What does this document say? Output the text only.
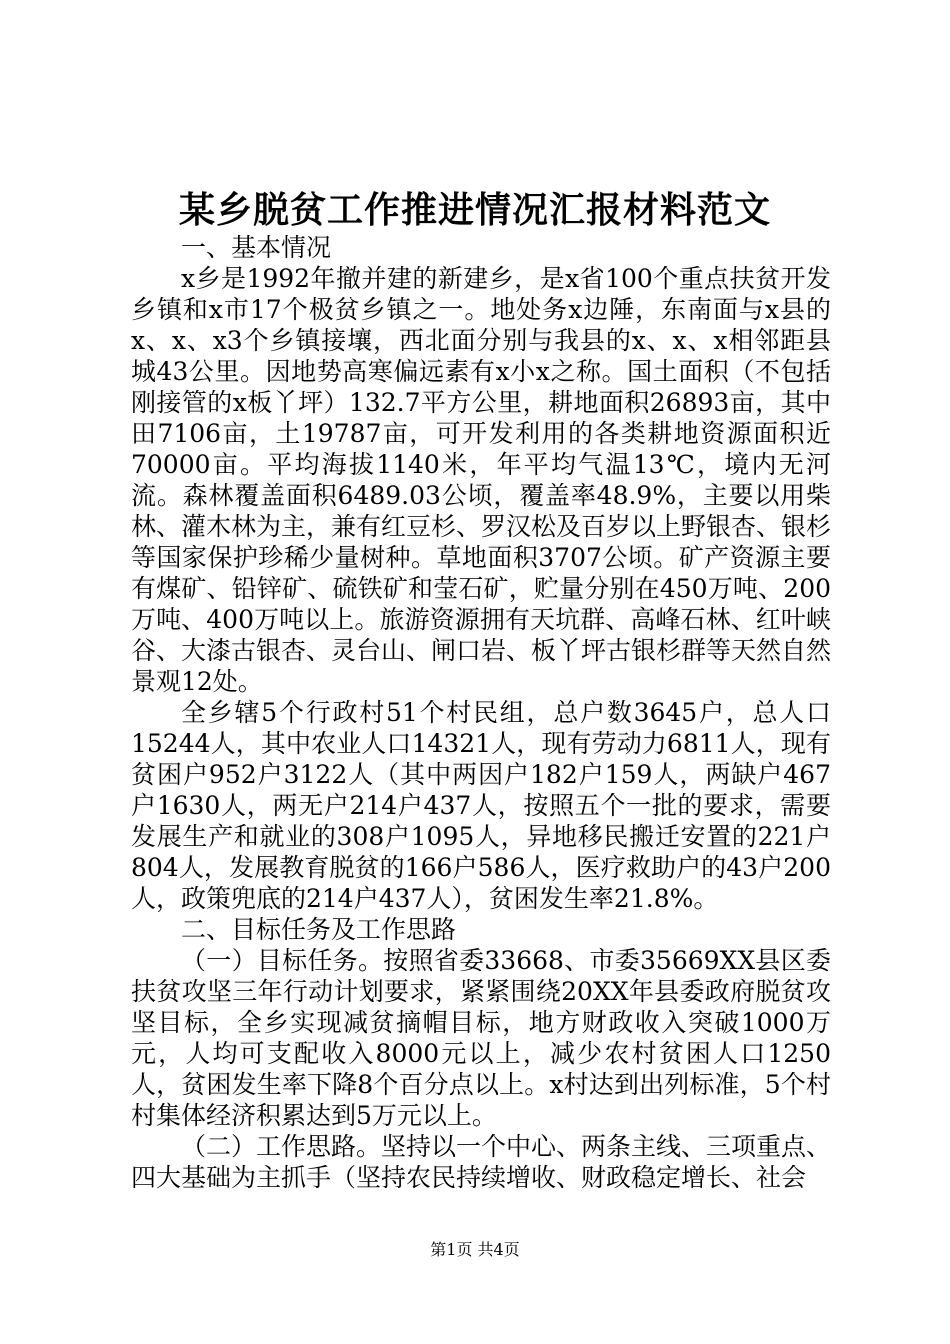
某乡脱贫工作推进情况汇报材料范文

一、基本情况

x乡是1992年撤并建的新建乡，是x省100个重点扶贫开发乡镇和x市17个极贫乡镇之一。地处务x边陲，东南面与x县的x、x、x3个乡镇接壤，西北面分别与我县的x、x、x相邻距县城43公里。因地势高寒偏远素有x小x之称。国土面积（不包括刚接管的x板丫坪）132.7平方公里，耕地面积26893亩，其中田7106亩，土19787亩，可开发利用的各类耕地资源面积近70000亩。平均海拔1140米，年平均气温13℃，境内无河流。森林覆盖面积6489.03公顷，覆盖率48.9%，主要以用柴林、灌木林为主，兼有红豆杉、罗汉松及百岁以上野银杏、银杉等国家保护珍稀少量树种。草地面积3707公顷。矿产资源主要有煤矿、铅锌矿、硫铁矿和莹石矿，贮量分别在450万吨、200万吨、400万吨以上。旅游资源拥有天坑群、高峰石林、红叶峡谷、大漆古银杏、灵台山、闸口岩、板丫坪古银杉群等天然自然景观12处。

全乡辖5个行政村51个村民组，总户数3645户，总人口15244人，其中农业人口14321人，现有劳动力6811人，现有贫困户952户3122人（其中两因户182户159人，两缺户467户1630人，两无户214户437人，按照五个一批的要求，需要发展生产和就业的308户1095人，异地移民搬迁安置的221户804人，发展教育脱贫的166户586人，医疗救助户的43户200人，政策兜底的214户437人），贫困发生率21.8%。

二、目标任务及工作思路

（一）目标任务。按照省委33668、市委35669XX县区委扶贫攻坚三年行动计划要求，紧紧围绕20XX年县委政府脱贫攻坚目标，全乡实现减贫摘帽目标，地方财政收入突破1000万元，人均可支配收入8000元以上，减少农村贫困人口1250人，贫困发生率下降8个百分点以上。x村达到出列标准，5个村村集体经济积累达到5万元以上。

（二）工作思路。坚持以一个中心、两条主线、三项重点、四大基础为主抓手（坚持农民持续增收、财政稳定增长、社会

第1页 共4页
